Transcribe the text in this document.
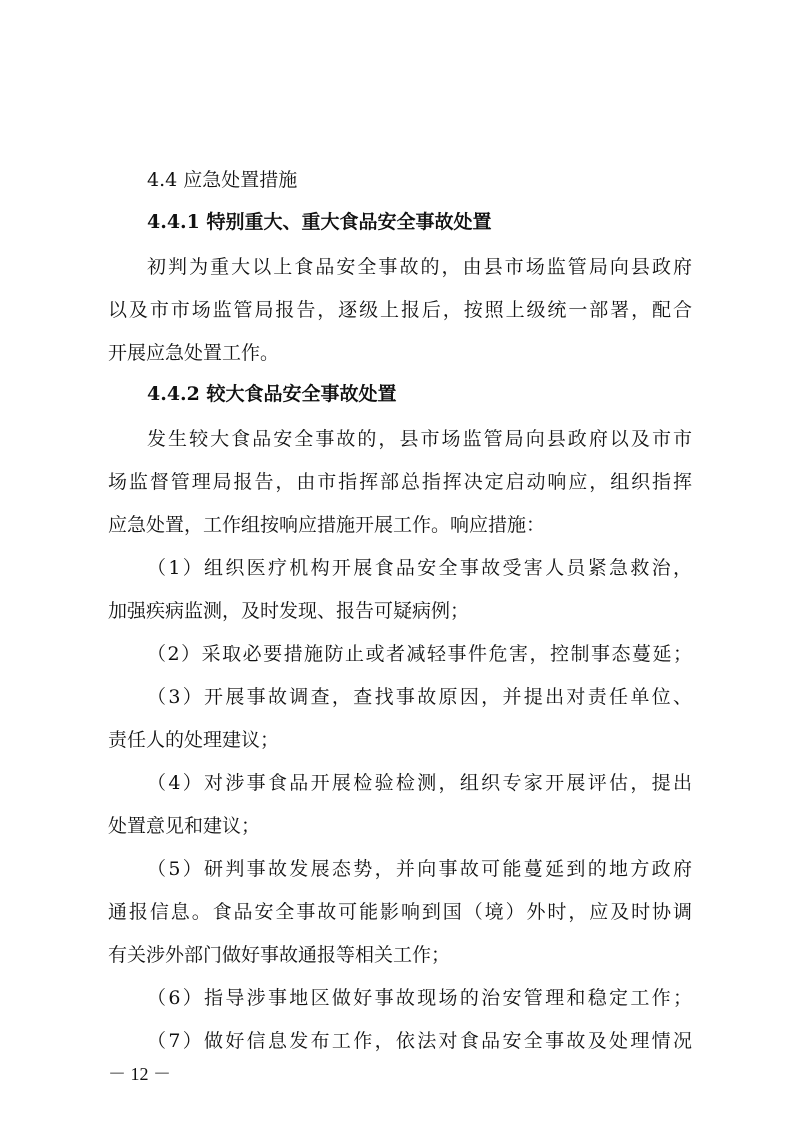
4.4 应急处置措施
4.4.1 特别重大、重大食品安全事故处置
初判为重大以上食品安全事故的，由县市场监管局向县政府
以及市市场监管局报告，逐级上报后，按照上级统一部署，配合
开展应急处置工作。
4.4.2 较大食品安全事故处置
发生较大食品安全事故的，县市场监管局向县政府以及市市
场监督管理局报告，由市指挥部总指挥决定启动响应，组织指挥
应急处置，工作组按响应措施开展工作。响应措施：
（1）组织医疗机构开展食品安全事故受害人员紧急救治，
加强疾病监测，及时发现、报告可疑病例；
（2）采取必要措施防止或者减轻事件危害，控制事态蔓延；
（3）开展事故调查，查找事故原因，并提出对责任单位、
责任人的处理建议；
（4）对涉事食品开展检验检测，组织专家开展评估，提出
处置意见和建议；
（5）研判事故发展态势，并向事故可能蔓延到的地方政府
通报信息。食品安全事故可能影响到国（境）外时，应及时协调
有关涉外部门做好事故通报等相关工作；
（6）指导涉事地区做好事故现场的治安管理和稳定工作；
（7）做好信息发布工作，依法对食品安全事故及处理情况
－ 12 －
